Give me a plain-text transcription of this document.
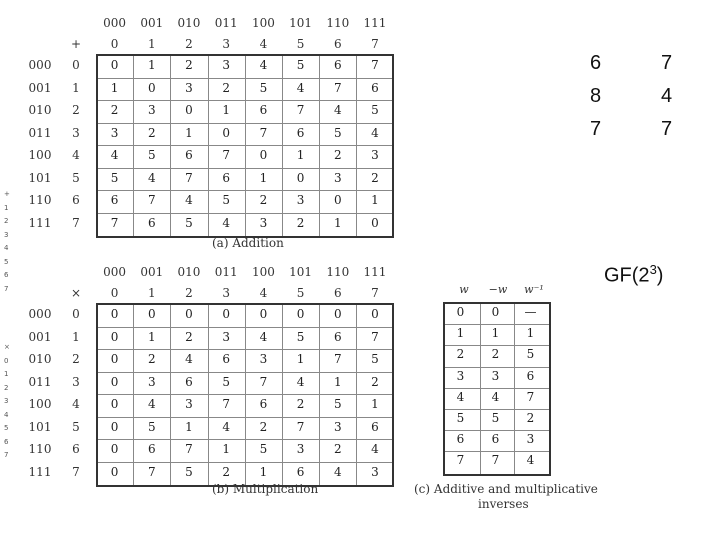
000	001	010	011	100	101	110	111
0	1	2	3	4	5	6	7
+
000	0	0	1	2	3	4	5	6	7
001	1	1	0	3	2	5	4	7	6
010	2	2	3	0	1	6	7	4	5
011	3	3	2	1	0	7	6	5	4
100	4	4	5	6	7	0	1	2	3
101	5	5	4	7	6	1	0	3	2
110	6	6	7	4	5	2	3	0	1
111	7	7	6	5	4	3	2	1	0
(a) Addition
000	001	010	011	100	101	110	111
0	1	2	3	4	5	6	7
×
000	0	0	0	0	0	0	0	0	0
001	1	0	1	2	3	4	5	6	7
010	2	0	2	4	6	3	1	7	5
011	3	0	3	6	5	7	4	1	2
100	4	0	4	3	7	6	2	5	1
101	5	0	5	1	4	2	7	3	6
110	6	0	6	7	1	5	3	2	4
111	7	0	7	5	2	1	6	4	3
(b) Multiplication
w	−w	w⁻¹
0	0	—
1	1	1
2	2	5
3	3	6
4	4	7
5	5	2
6	6	3
7	7	4
(c) Additive and multiplicative
inverses
+
1
2
3
4
5
6
7
×
0
1
2
3
4
5
6
7
6	7
8	4
7	7
$GF(2^3)$
